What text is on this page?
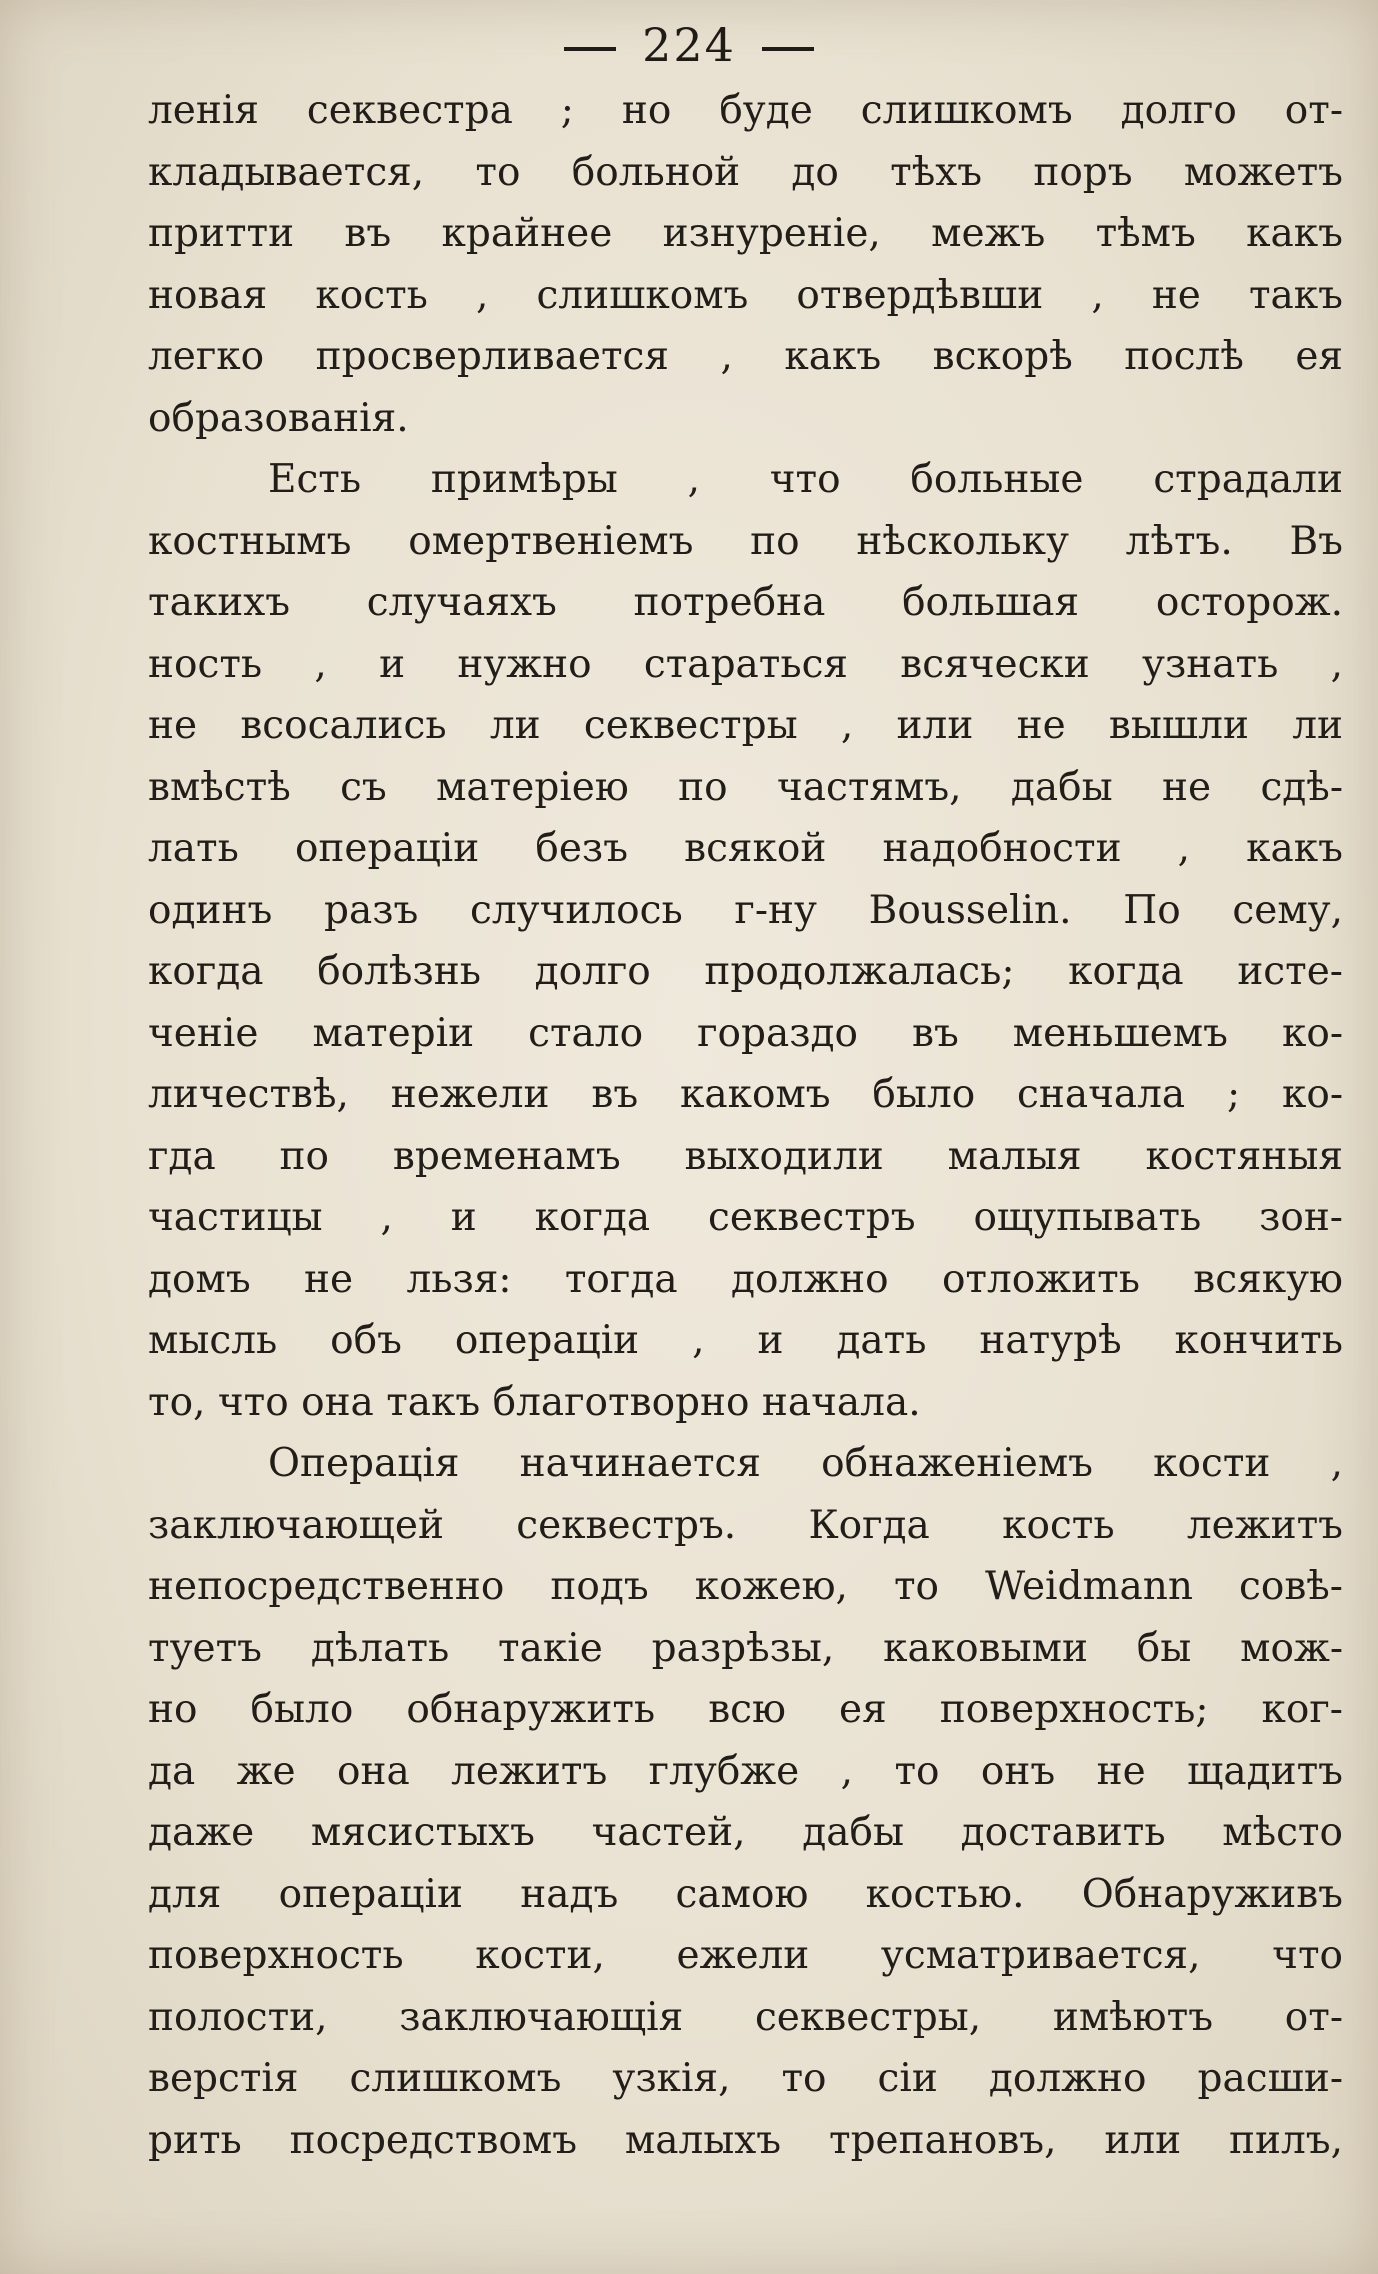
224
ленія секвестра ; но буде слишкомъ долго от-
кладывается, то больной до тѣхъ поръ можетъ
притти въ крайнее изнуреніе, межъ тѣмъ какъ
новая кость , слишкомъ отвердѣвши , не такъ
легко просверливается , какъ вскорѣ послѣ ея
образованія.
Есть примѣры , что больные страдали
костнымъ омертвеніемъ по нѣскольку лѣтъ. Въ
такихъ случаяхъ потребна большая осторож.
ность , и нужно стараться всячески узнать ,
не всосались ли секвестры , или не вышли ли
вмѣстѣ съ матеріею по частямъ, дабы не сдѣ-
лать операціи безъ всякой надобности , какъ
одинъ разъ случилось г-ну Bousselin. По сему,
когда болѣзнь долго продолжалась; когда исте-
ченіе матеріи стало гораздо въ меньшемъ ко-
личествѣ, нежели въ какомъ было сначала ; ко-
гда по временамъ выходили малыя костяныя
частицы , и когда секвестръ ощупывать зон-
домъ не льзя: тогда должно отложить всякую
мысль объ операціи , и дать натурѣ кончить
то, что она такъ благотворно начала.
Операція начинается обнаженіемъ кости ,
заключающей секвестръ. Когда кость лежитъ
непосредственно подъ кожею, то Weidmann совѣ-
туетъ дѣлать такіе разрѣзы, каковыми бы мож-
но было обнаружить всю ея поверхность; ког-
да же она лежитъ глубже , то онъ не щадитъ
даже мясистыхъ частей, дабы доставить мѣсто
для операціи надъ самою костью. Обнаруживъ
поверхность кости, ежели усматривается, что
полости, заключающія секвестры, имѣютъ от-
верстія слишкомъ узкія, то сіи должно расши-
рить посредствомъ малыхъ трепановъ, или пилъ,
